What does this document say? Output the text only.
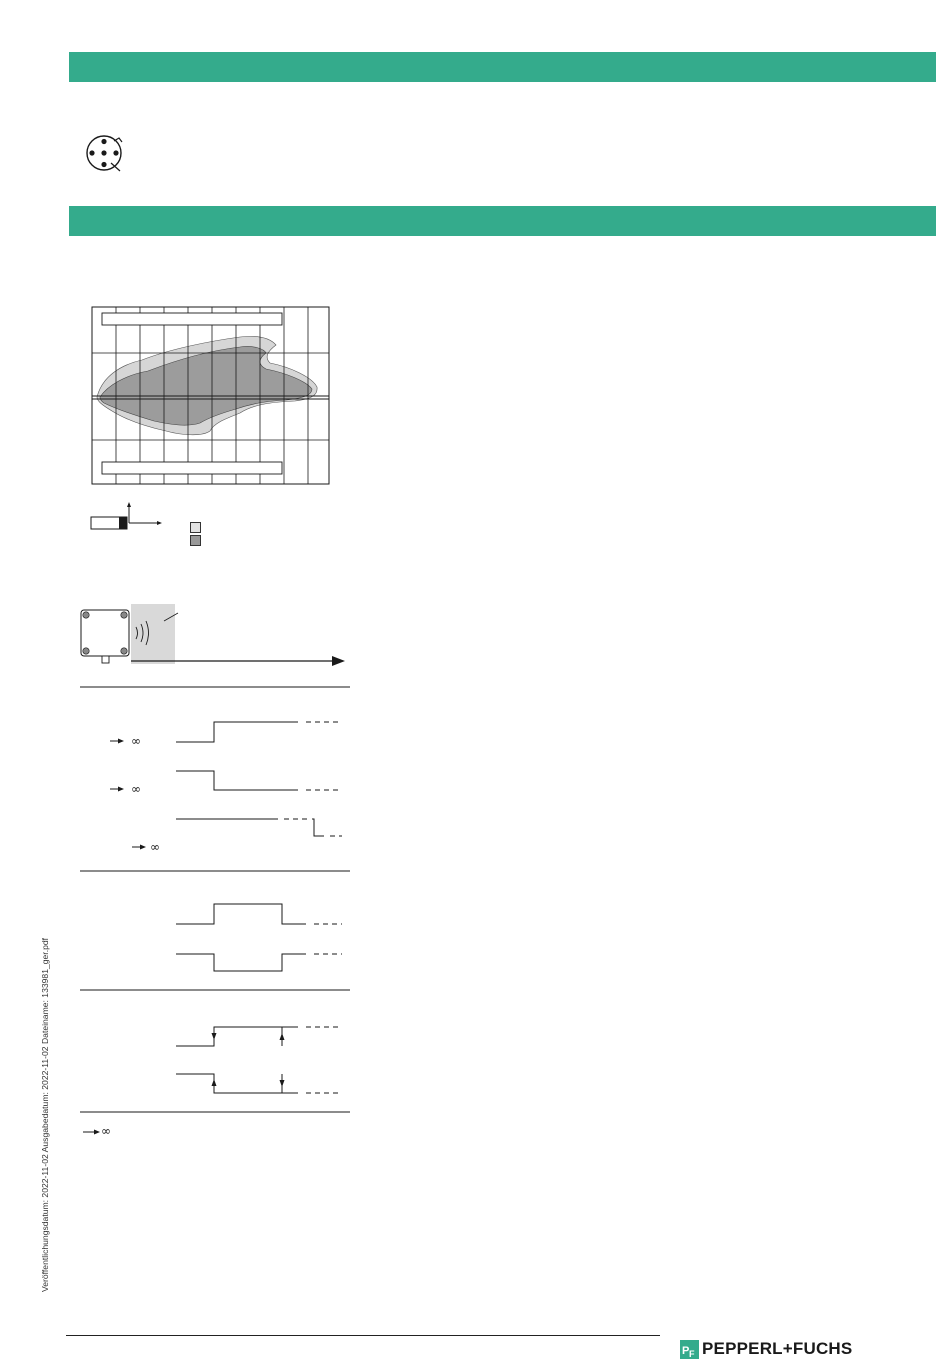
∞
∞
∞
∞
Veröffentlichungsdatum: 2022-11-02 Ausgabedatum: 2022-11-02 Dateiname: 133981_ger.pdf
P F PEPPERL+FUCHS
